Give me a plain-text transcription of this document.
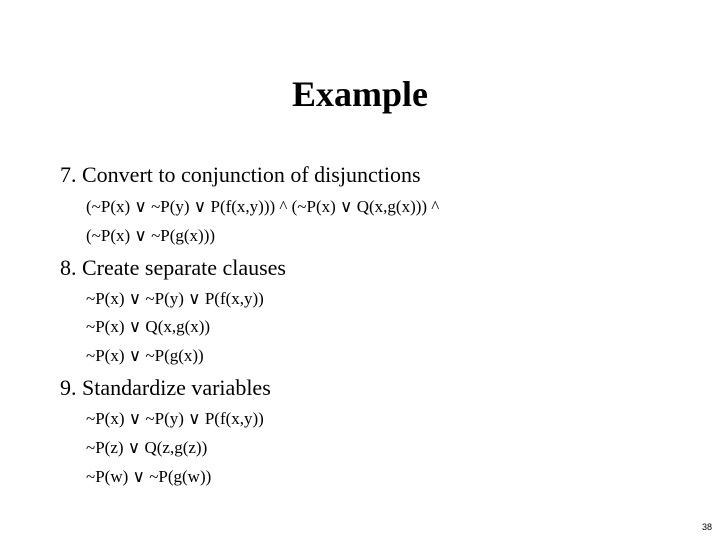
Example
7. Convert to conjunction of disjunctions
(~P(x) ∨ ~P(y) ∨ P(f(x,y))) ^ (~P(x) ∨ Q(x,g(x))) ^
(~P(x) ∨ ~P(g(x)))
8. Create separate clauses
~P(x) ∨ ~P(y) ∨ P(f(x,y))
~P(x) ∨ Q(x,g(x))
~P(x) ∨ ~P(g(x))
9. Standardize variables
~P(x) ∨ ~P(y) ∨ P(f(x,y))
~P(z) ∨ Q(z,g(z))
~P(w) ∨ ~P(g(w))
38
